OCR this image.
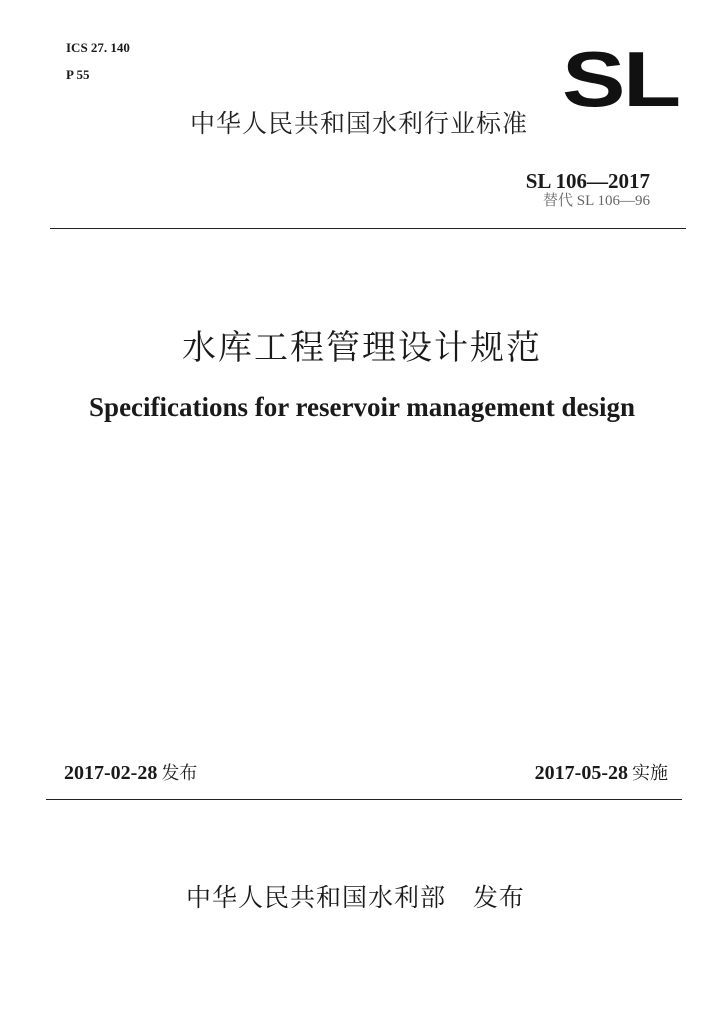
ICS 27. 140
P 55	SL
中华人民共和国水利行业标准
SL 106—2017
替代 SL 106—96
水库工程管理设计规范
Specifications for reservoir management design
2017-02-28 发布	2017-05-28 实施
中华人民共和国水利部 发布
